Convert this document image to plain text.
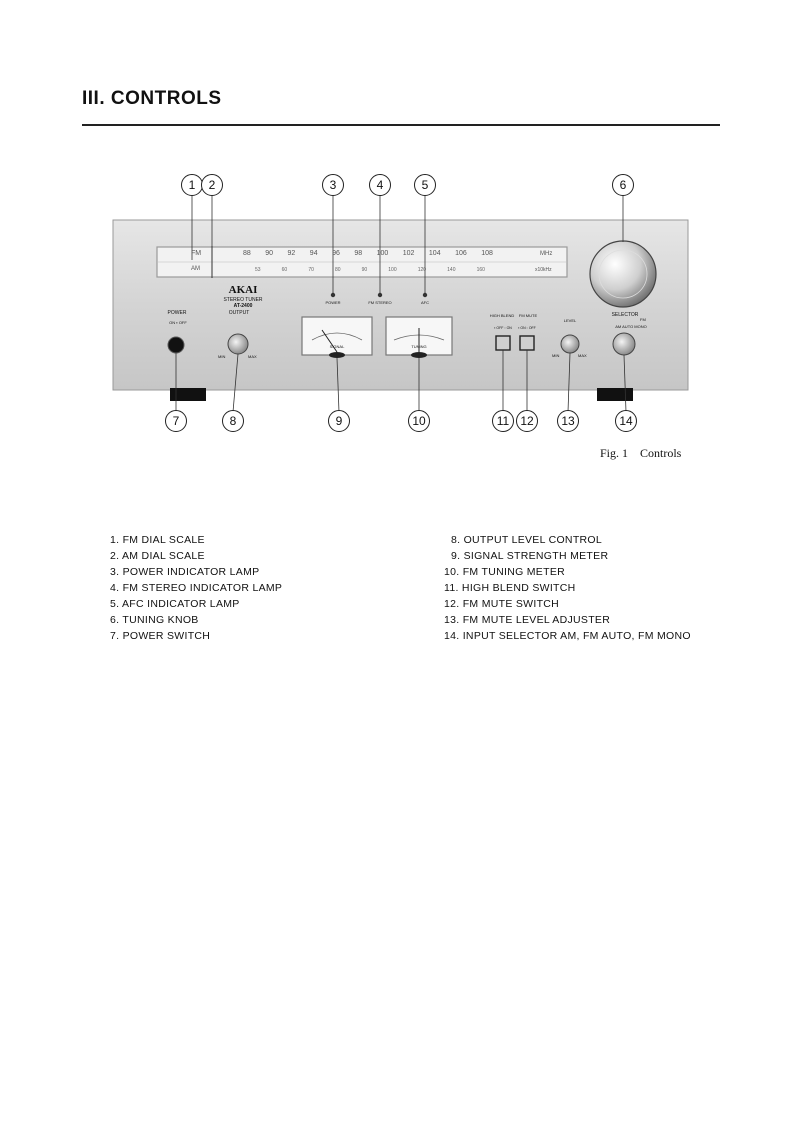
III. CONTROLS
FM
AM
88 90 92 94 96 98 100 102 104 106 108	MHz
53	60	70	80	90	100	120	140	160	x10kHz
AKAI
STEREO TUNER
AT-2400
POWER	FM STEREO	AFC
POWER
ON ▪ OFF
OUTPUT
MIN	MAX
SIGNAL	TUNING
HIGH BLEND	FM MUTE
LEVEL
▪ OFF ▫ ON	▪ ON ▫ OFF
MIN	MAX
SELECTOR
FM
AM AUTO MONO
1	2	3	4	5	6
7	8	9	10	11 12	13	14
Fig. 1    Controls
1. FM DIAL SCALE
2. AM DIAL SCALE
3. POWER INDICATOR LAMP
4. FM STEREO INDICATOR LAMP
5. AFC INDICATOR LAMP
6. TUNING KNOB
7. POWER SWITCH
8. OUTPUT LEVEL CONTROL
9. SIGNAL STRENGTH METER
10. FM TUNING METER
11. HIGH BLEND SWITCH
12. FM MUTE SWITCH
13. FM MUTE LEVEL ADJUSTER
14. INPUT SELECTOR AM, FM AUTO, FM MONO
